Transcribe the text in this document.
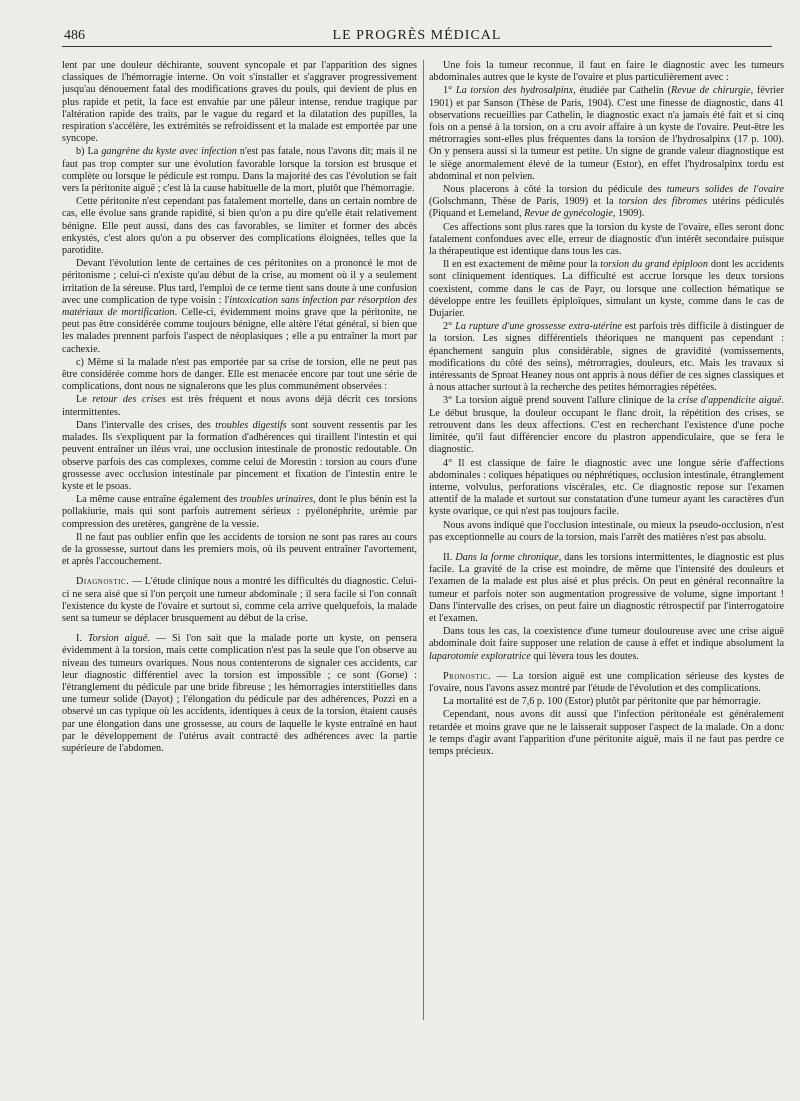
486	LE PROGRÈS MÉDICAL

lent par une douleur déchirante, souvent syncopale et par l'apparition des signes classiques de l'hémorragie interne. On voit s'installer et s'aggraver progressivement jusqu'au dénouement fatal des modifications graves du pouls, qui devient de plus en plus rapide et petit, la face est envahie par une pâleur intense, rendue tragique par l'altération rapide des traits, par le vague du regard et la dilatation des pupilles, la respiration s'accélère, les extrémités se refroidissent et la malade est emportée par une syncope.

b) La gangrène du kyste avec infection n'est pas fatale, nous l'avons dit; mais il ne faut pas trop compter sur une évolution favorable lorsque la torsion est brusque et complète ou lorsque le pédicule est rompu. Dans la majorité des cas l'évolution se fait vers la péritonite aiguë ; c'est là la cause habituelle de la mort, plutôt que l'hémorragie.

Cette péritonite n'est cependant pas fatalement mortelle, dans un certain nombre de cas, elle évolue sans grande rapidité, si bien qu'on a pu dire qu'elle était relativement bénigne. Elle peut aussi, dans des cas favorables, se limiter et former des abcès enkystés, c'est alors qu'on a pu observer des complications éloignées, telles que la parotidite.

Devant l'évolution lente de certaines de ces péritonites on a prononcé le mot de péritonisme ; celui-ci n'existe qu'au début de la crise, au moment où il y a seulement irritation de la séreuse. Plus tard, l'emploi de ce terme tient sans doute à une confusion avec une complication de type voisin : l'intoxication sans infection par résorption des matériaux de mortification. Celle-ci, évidemment moins grave que la péritonite, ne peut pas être considérée comme toujours bénigne, elle altère l'état général, si bien que les malades prennent parfois l'aspect de néoplasiques ; elle a pu entraîner la mort par cachexie.

c) Même si la malade n'est pas emportée par sa crise de torsion, elle ne peut pas être considérée comme hors de danger. Elle est menacée encore par tout une série de complications, dont nous ne signalerons que les plus communément observées :

Le retour des crises est très fréquent et nous avons déjà décrit ces torsions intermittentes.

Dans l'intervalle des crises, des troubles digestifs sont souvent ressentis par les malades. Ils s'expliquent par la formation d'adhérences qui tiraillent l'intestin et qui peuvent entraîner un iléus vrai, une occlusion intestinale de pronostic redoutable. On observe parfois des cas complexes, comme celui de Morestin : torsion au cours d'une grossesse avec occlusion intestinale par pincement et fixation de l'intestin entre le kyste et le psoas.

La même cause entraîne également des troubles urinaires, dont le plus bénin est la pollakiurie, mais qui sont parfois autrement sérieux : pyélonéphrite, urémie par compression des uretères, gangrène de la vessie.

Il ne faut pas oublier enfin que les accidents de torsion ne sont pas rares au cours de la grossesse, surtout dans les premiers mois, où ils peuvent entraîner l'avortement, et après l'accouchement.

Diagnostic. — L'étude clinique nous a montré les difficultés du diagnostic. Celui-ci ne sera aisé que si l'on perçoit une tumeur abdominale ; il sera facile si l'on connaît l'existence du kyste de l'ovaire et surtout si, comme cela arrive quelquefois, la malade sent sa tumeur se déplacer brusquement au début de la crise.

I. Torsion aiguë. — Si l'on sait que la malade porte un kyste, on pensera évidemment à la torsion, mais cette complication n'est pas la seule que l'on observe au niveau des tumeurs ovariques. Nous nous contenterons de signaler ces accidents, car leur diagnostic différentiel avec la torsion est impossible ; ce sont (Gorse) : l'étranglement du pédicule par une bride fibreuse ; les hémorragies interstitielles dans une tumeur solide (Dayot) ; l'élongation du pédicule par des adhérences, Pozzi en a observé un cas typique où les accidents, identiques à ceux de la torsion, étaient causés par une élongation dans une grossesse, au cours de laquelle le kyste entraîné en haut par le développement de l'utérus avait contracté des adhérences avec la partie supérieure de l'abdomen.

Une fois la tumeur reconnue, il faut en faire le diagnostic avec les tumeurs abdominales autres que le kyste de l'ovaire et plus particulièrement avec :

1° La torsion des hydrosalpinx, étudiée par Cathelin (Revue de chirurgie, février 1901) et par Sanson (Thèse de Paris, 1904). C'est une finesse de diagnostic, dans 41 observations recueillies par Cathelin, le diagnostic exact n'a jamais été fait et si cinq fois on a pensé à la torsion, on a cru avoir affaire à un kyste de l'ovaire. Peut-être les métrorragies sont-elles plus fréquentes dans la torsion de l'hydrosalpinx (17 p. 100). On y pensera aussi si la tumeur est petite. Un signe de grande valeur diagnostique est le siège anormalement élevé de la tumeur (Estor), en effet l'hydrosalpinx tordu est abdominal et non pelvien.

Nous placerons à côté la torsion du pédicule des tumeurs solides de l'ovaire (Golschmann, Thèse de Paris, 1909) et la torsion des fibromes utérins pédiculés (Piquand et Lemeland, Revue de gynécologie, 1909).

Ces affections sont plus rares que la torsion du kyste de l'ovaire, elles seront donc fatalement confondues avec elle, erreur de diagnostic d'un intérêt secondaire puisque la thérapeutique est identique dans tous les cas.

Il en est exactement de même pour la torsion du grand épiploon dont les accidents sont cliniquement identiques. La difficulté est accrue lorsque les deux torsions coexistent, comme dans le cas de Payr, ou lorsque une collection hématique se développe entre les feuillets épiploïques, simulant un kyste, comme dans le cas de Dujarier.

2° La rupture d'une grossesse extra-utérine est parfois très difficile à distinguer de la torsion. Les signes différentiels théoriques ne manquent pas cependant : épanchement sanguin plus considérable, signes de gravidité (vomissements, modifications du côté des seins), métrorragies, douleurs, etc. Mais les travaux si intéressants de Sproat Heaney nous ont appris à nous défier de ces signes classiques et à nous attacher surtout à la recherche des petites hémorragies répétées.

3° La torsion aiguë prend souvent l'allure clinique de la crise d'appendicite aiguë. Le début brusque, la douleur occupant le flanc droit, la répétition des crises, se retrouvent dans les deux affections. C'est en recherchant l'existence d'une poche limitée, qu'il faut différencier encore du plastron appendiculaire, que se fera le diagnostic.

4° Il est classique de faire le diagnostic avec une longue série d'affections abdominales : coliques hépatiques ou néphrétiques, occlusion intestinale, étranglement interne, volvulus, perforations viscérales, etc. Ce diagnostic repose sur l'examen attentif de la malade et surtout sur constatation d'une tumeur ayant les caractères d'un kyste ovarique, ce qui n'est pas toujours facile.

Nous avons indiqué que l'occlusion intestinale, ou mieux la pseudo-occlusion, n'est pas exceptionnelle au cours de la torsion, mais l'arrêt des matières n'est pas absolu.

II. Dans la forme chronique, dans les torsions intermittentes, le diagnostic est plus facile. La gravité de la crise est moindre, de même que l'intensité des douleurs et l'examen de la malade est plus aisé et plus précis. On peut en général reconnaître la tumeur et parfois noter son augmentation progressive de volume, signe important ! Dans l'intervalle des crises, on peut faire un diagnostic rétrospectif par l'interrogatoire et l'examen.

Dans tous les cas, la coexistence d'une tumeur douloureuse avec une crise aiguë abdominale doit faire supposer une relation de cause à effet et indique absolument la laparotomie exploratrice qui lèvera tous les doutes.

Pronostic. — La torsion aiguë est une complication sérieuse des kystes de l'ovaire, nous l'avons assez montré par l'étude de l'évolution et des complications.

La mortalité est de 7,6 p. 100 (Estor) plutôt par péritonite que par hémorragie.

Cependant, nous avons dit aussi que l'infection péritonéale est généralement retardée et moins grave que ne le laisserait supposer l'aspect de la malade. On a donc le temps d'agir avant l'apparition d'une péritonite aiguë, mais il ne faut pas perdre ce temps précieux.
